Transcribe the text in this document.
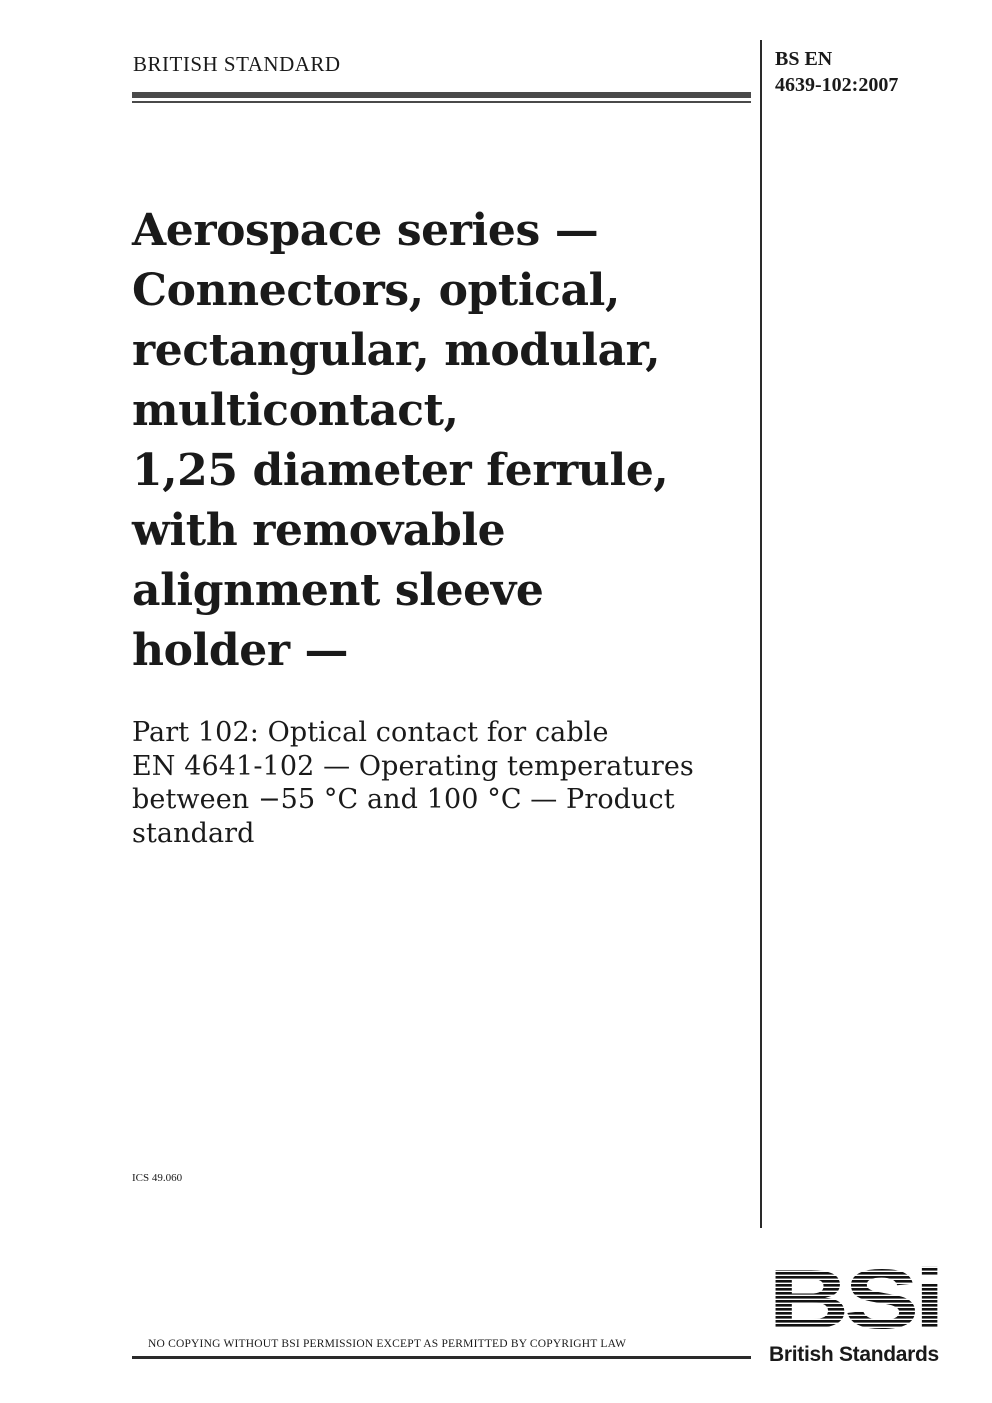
BRITISH STANDARD	BS EN
4639-102:2007
Aerospace series —
Connectors, optical,
rectangular, modular,
multicontact,
1,25 diameter ferrule,
with removable
alignment sleeve
holder —
Part 102: Optical contact for cable
EN 4641-102 — Operating temperatures
between −55 °C and 100 °C — Product
standard
ICS 49.060
NO COPYING WITHOUT BSI PERMISSION EXCEPT AS PERMITTED BY COPYRIGHT LAW BSi
British Standards
